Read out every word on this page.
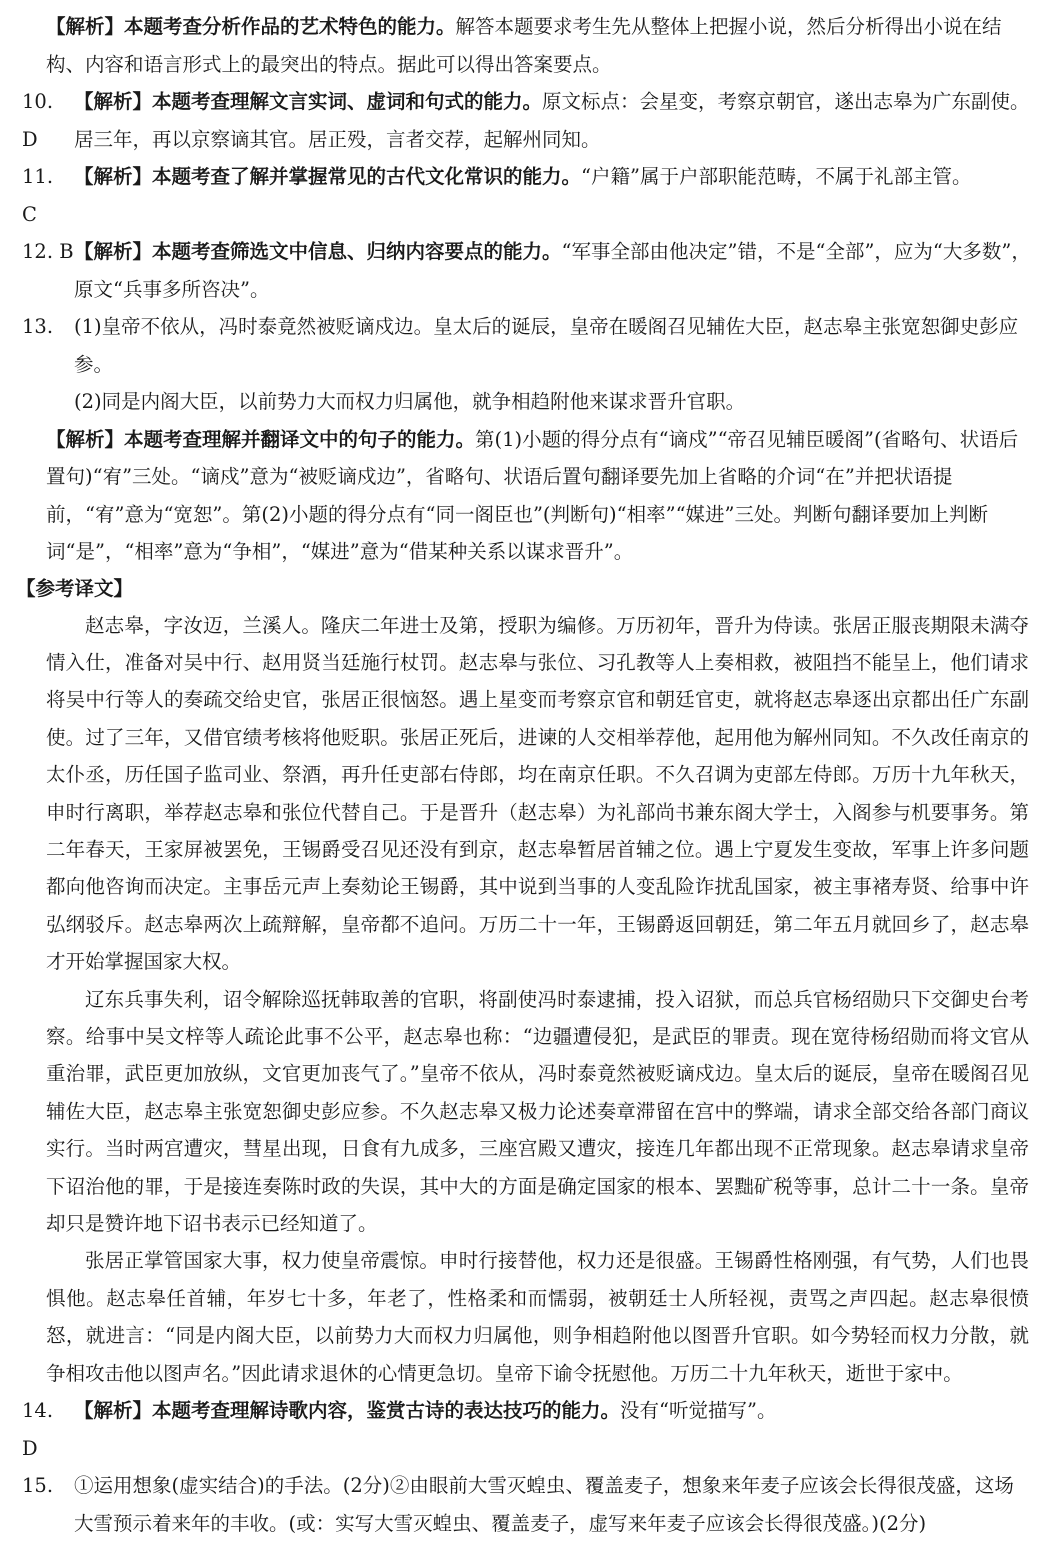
【解析】本题考查分析作品的艺术特色的能力。解答本题要求考生先从整体上把握小说，然后分析得出小说在结构、内容和语言形式上的最突出的特点。据此可以得出答案要点。
10. D
【解析】本题考查理解文言实词、虚词和句式的能力。原文标点：会星变，考察京朝官，遂出志皋为广东副使。居三年，再以京察谪其官。居正殁，言者交荐，起解州同知。
11. C
【解析】本题考查了解并掌握常见的古代文化常识的能力。“户籍”属于户部职能范畴，不属于礼部主管。
12. B 【解析】本题考查筛选文中信息、归纳内容要点的能力。“军事全部由他决定”错，不是“全部”，应为“大多数”，原文“兵事多所咨决”。
13.	(1)皇帝不依从，冯时泰竟然被贬谪戍边。皇太后的诞辰，皇帝在暖阁召见辅佐大臣，赵志皋主张宽恕御史彭应参。
(2)同是内阁大臣，以前势力大而权力归属他，就争相趋附他来谋求晋升官职。
【解析】本题考查理解并翻译文中的句子的能力。第(1)小题的得分点有“谪戍”“帝召见辅臣暖阁”(省略句、状语后置句)“宥”三处。“谪戍”意为“被贬谪戍边”，省略句、状语后置句翻译要先加上省略的介词“在”并把状语提前，“宥”意为“宽恕”。第(2)小题的得分点有“同一阁臣也”(判断句)“相率”“媒进”三处。判断句翻译要加上判断词“是”，“相率”意为“争相”，“媒进”意为“借某种关系以谋求晋升”。
【参考译文】

赵志皋，字汝迈，兰溪人。隆庆二年进士及第，授职为编修。万历初年，晋升为侍读。张居正服丧期限未满夺情入仕，准备对吴中行、赵用贤当廷施行杖罚。赵志皋与张位、习孔教等人上奏相救，被阻挡不能呈上，他们请求将吴中行等人的奏疏交给史官，张居正很恼怒。遇上星变而考察京官和朝廷官吏，就将赵志皋逐出京都出任广东副使。过了三年，又借官绩考核将他贬职。张居正死后，进谏的人交相举荐他，起用他为解州同知。不久改任南京的太仆丞，历任国子监司业、祭酒，再升任吏部右侍郎，均在南京任职。不久召调为吏部左侍郎。万历十九年秋天，申时行离职，举荐赵志皋和张位代替自己。于是晋升（赵志皋）为礼部尚书兼东阁大学士，入阁参与机要事务。第二年春天，王家屏被罢免，王锡爵受召见还没有到京，赵志皋暂居首辅之位。遇上宁夏发生变故，军事上许多问题都向他咨询而决定。主事岳元声上奏劾论王锡爵，其中说到当事的人变乱险诈扰乱国家，被主事褚寿贤、给事中许弘纲驳斥。赵志皋两次上疏辩解，皇帝都不追问。万历二十一年，王锡爵返回朝廷，第二年五月就回乡了，赵志皋才开始掌握国家大权。

辽东兵事失利，诏令解除巡抚韩取善的官职，将副使冯时泰逮捕，投入诏狱，而总兵官杨绍勋只下交御史台考察。给事中吴文梓等人疏论此事不公平，赵志皋也称：“边疆遭侵犯，是武臣的罪责。现在宽待杨绍勋而将文官从重治罪，武臣更加放纵，文官更加丧气了。”皇帝不依从，冯时泰竟然被贬谪戍边。皇太后的诞辰，皇帝在暖阁召见辅佐大臣，赵志皋主张宽恕御史彭应参。不久赵志皋又极力论述奏章滞留在宫中的弊端，请求全部交给各部门商议实行。当时两宫遭灾，彗星出现，日食有九成多，三座宫殿又遭灾，接连几年都出现不正常现象。赵志皋请求皇帝下诏治他的罪，于是接连奏陈时政的失误，其中大的方面是确定国家的根本、罢黜矿税等事，总计二十一条。皇帝却只是赞许地下诏书表示已经知道了。

张居正掌管国家大事，权力使皇帝震惊。申时行接替他，权力还是很盛。王锡爵性格刚强，有气势，人们也畏惧他。赵志皋任首辅，年岁七十多，年老了，性格柔和而懦弱，被朝廷士人所轻视，责骂之声四起。赵志皋很愤怒，就进言：“同是内阁大臣，以前势力大而权力归属他，则争相趋附他以图晋升官职。如今势轻而权力分散，就争相攻击他以图声名。”因此请求退休的心情更急切。皇帝下谕令抚慰他。万历二十九年秋天，逝世于家中。

14. D
【解析】本题考查理解诗歌内容，鉴赏古诗的表达技巧的能力。没有“听觉描写”。
15.	①运用想象(虚实结合)的手法。(2分)②由眼前大雪灭蝗虫、覆盖麦子，想象来年麦子应该会长得很茂盛，这场大雪预示着来年的丰收。(或：实写大雪灭蝗虫、覆盖麦子，虚写来年麦子应该会长得很茂盛。)(2分)
